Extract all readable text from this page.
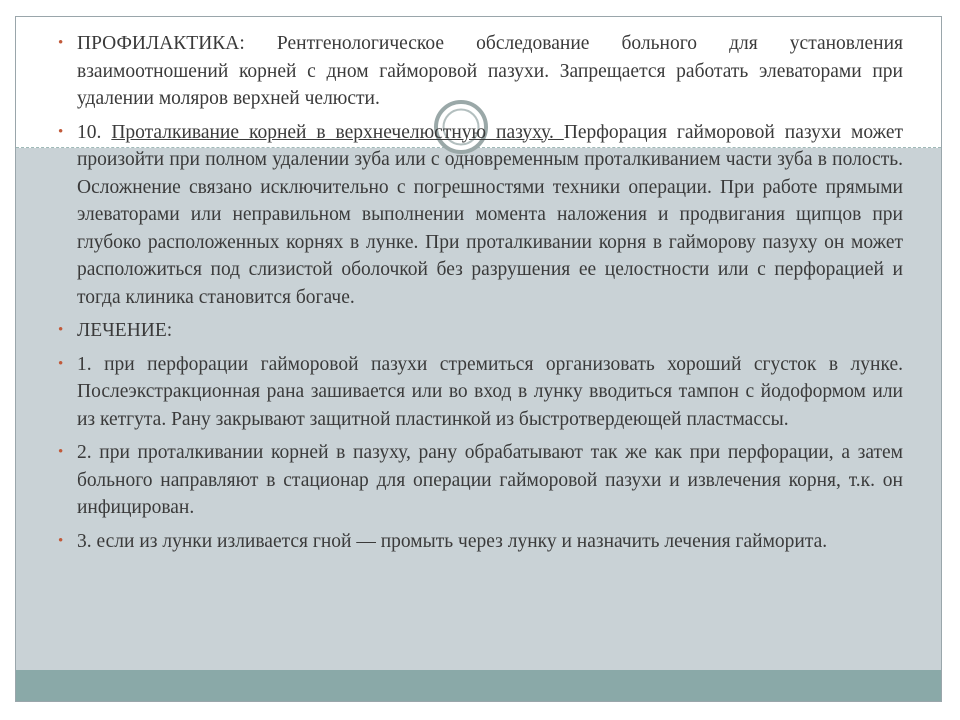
• ПРОФИЛАКТИКА: Рентгенологическое обследование больного для установления взаимоотношений корней с дном гайморовой пазухи. Запрещается работать элеваторами при удалении моляров верхней челюсти.
• 10. Проталкивание корней в верхнечелюстную пазуху. Перфорация гайморовой пазухи может произойти при полном удалении зуба или с одновременным проталкиванием части зуба в полость. Осложнение связано исключительно с погрешностями техники операции. При работе прямыми элеваторами или неправильном выполнении момента наложения и продвигания щипцов при глубоко расположенных корнях в лунке. При проталкивании корня в гайморову пазуху он может расположиться под слизистой оболочкой без разрушения ее целостности или с перфорацией и тогда клиника становится богаче.
• ЛЕЧЕНИЕ:
• 1. при перфорации гайморовой пазухи стремиться организовать хороший сгусток в лунке. Послеэкстракционная рана зашивается или во вход в лунку вводиться тампон с йодоформом или из кетгута. Рану закрывают защитной пластинкой из быстротвердеющей пластмассы.
• 2. при проталкивании корней в пазуху, рану обрабатывают так же как при перфорации, а затем больного направляют в стационар для операции гайморовой пазухи и извлечения корня, т.к. он инфицирован.
• 3. если из лунки изливается гной — промыть через лунку и назначить лечения гайморита.
